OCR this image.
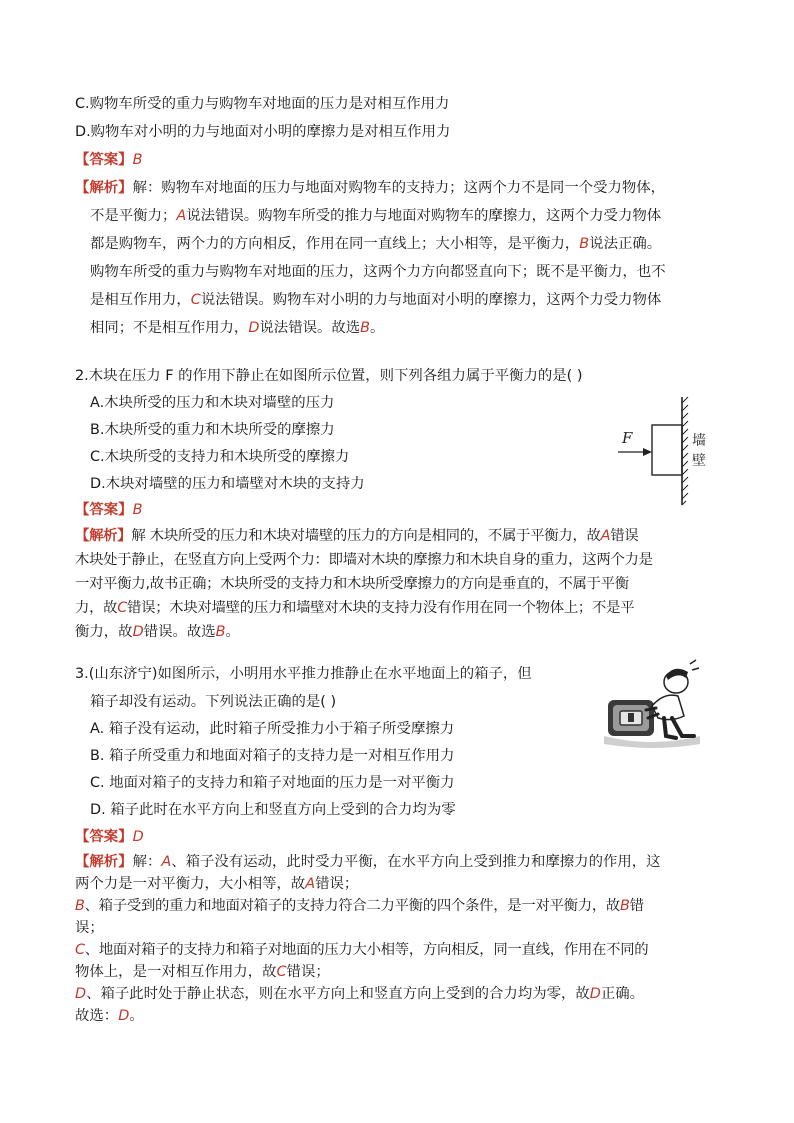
C.购物车所受的重力与购物车对地面的压力是对相互作用力
D.购物车对小明的力与地面对小明的摩擦力是对相互作用力
【答案】B
【解析】解：购物车对地面的压力与地面对购物车的支持力；这两个力不是同一个受力物体，
不是平衡力；A说法错误。购物车所受的推力与地面对购物车的摩擦力，这两个力受力物体
都是购物车，两个力的方向相反，作用在同一直线上；大小相等，是平衡力，B说法正确。
购物车所受的重力与购物车对地面的压力，这两个力方向都竖直向下；既不是平衡力，也不
是相互作用力，C说法错误。购物车对小明的力与地面对小明的摩擦力，这两个力受力物体
相同；不是相互作用力，D说法错误。故选B。
2.木块在压力 F 的作用下静止在如图所示位置，则下列各组力属于平衡力的是( )
A.木块所受的压力和木块对墙壁的压力
B.木块所受的重力和木块所受的摩擦力
C.木块所受的支持力和木块所受的摩擦力
D.木块对墙壁的压力和墙壁对木块的支持力
F	墙
壁
【答案】B
【解析】解 木块所受的压力和木块对墙壁的压力的方向是相同的，不属于平衡力，故A错误
木块处于静止，在竖直方向上受两个力：即墙对木块的摩擦力和木块自身的重力，这两个力是
一对平衡力,故书正确；木块所受的支持力和木块所受摩擦力的方向是垂直的，不属于平衡
力，故C错误；木块对墙壁的压力和墙壁对木块的支持力没有作用在同一个物体上；不是平
衡力，故D错误。故选B。
3.(山东济宁)如图所示，小明用水平推力推静止在水平地面上的箱子，但
箱子却没有运动。下列说法正确的是( )
A. 箱子没有运动，此时箱子所受推力小于箱子所受摩擦力
B. 箱子所受重力和地面对箱子的支持力是一对相互作用力
C. 地面对箱子的支持力和箱子对地面的压力是一对平衡力
D. 箱子此时在水平方向上和竖直方向上受到的合力均为零
【答案】D
【解析】解：A、箱子没有运动，此时受力平衡，在水平方向上受到推力和摩擦力的作用，这
两个力是一对平衡力，大小相等，故A错误；
B、箱子受到的重力和地面对箱子的支持力符合二力平衡的四个条件，是一对平衡力，故B错
误；
C、地面对箱子的支持力和箱子对地面的压力大小相等，方向相反，同一直线，作用在不同的
物体上，是一对相互作用力，故C错误；
D、箱子此时处于静止状态，则在水平方向上和竖直方向上受到的合力均为零，故D正确。
故选：D。
